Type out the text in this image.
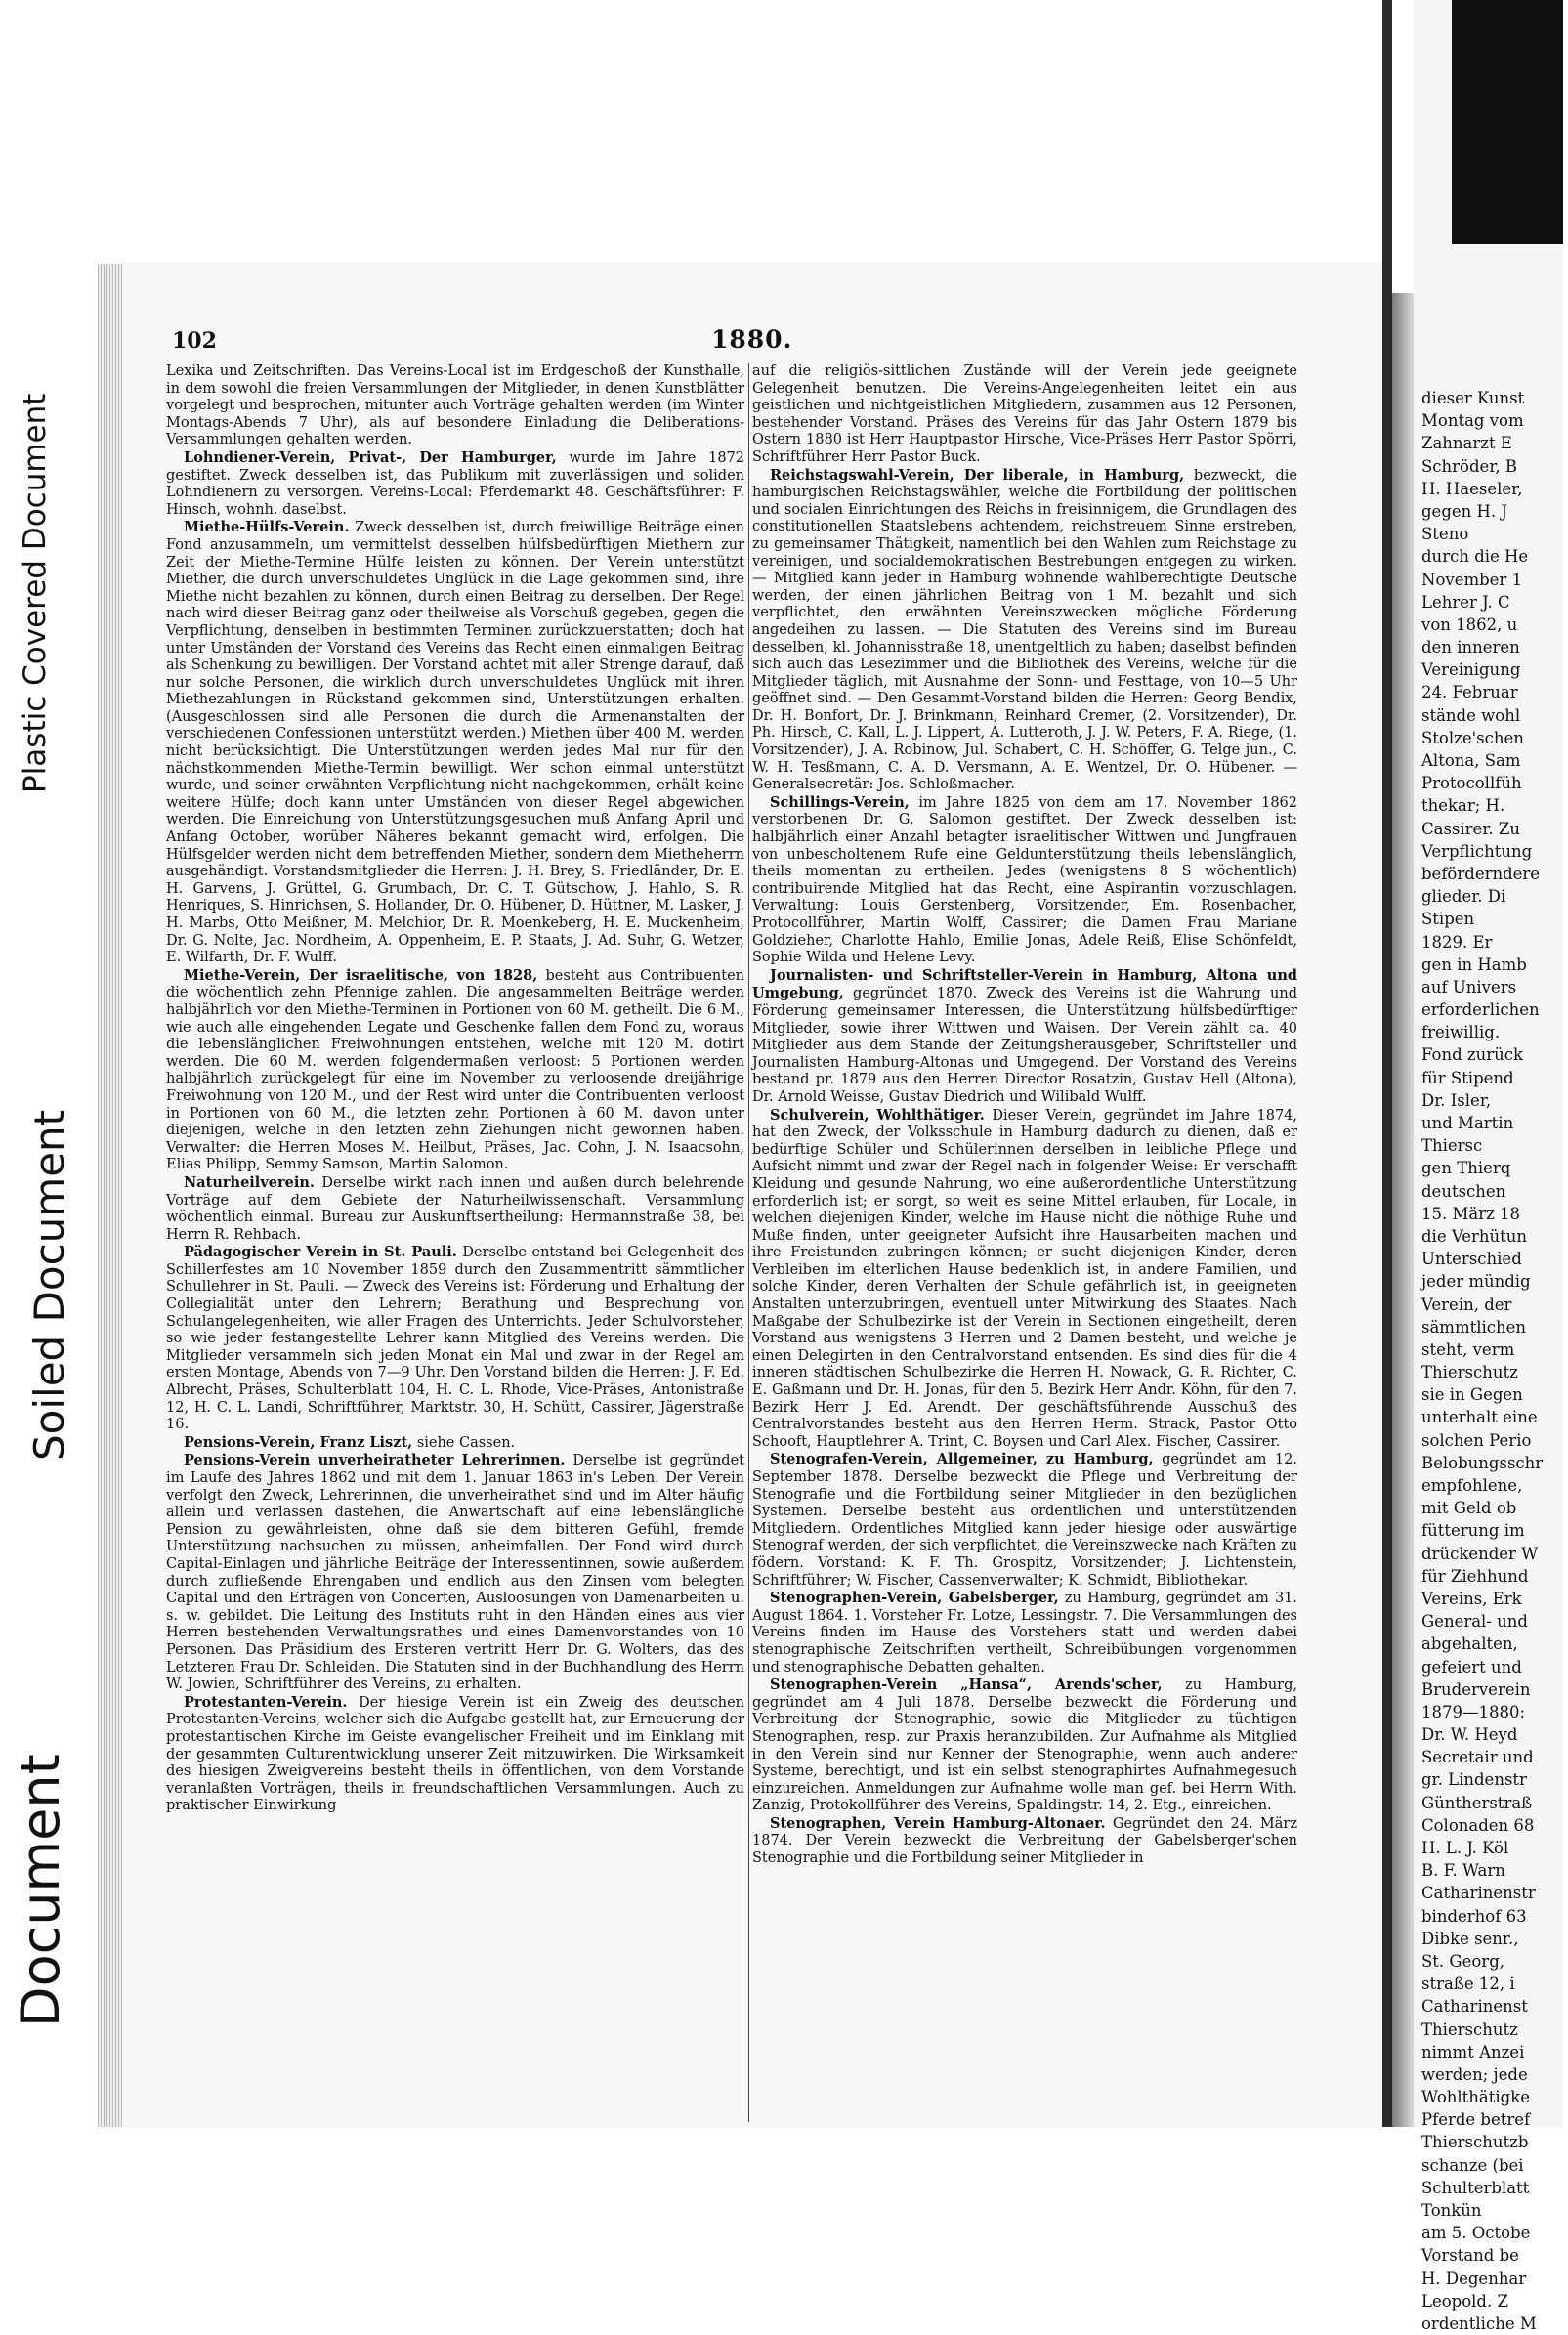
Plastic Covered Document
Soiled Document
Document
102	1880.

Lexika und Zeitschriften. Das Vereins-Local ist im Erdgeschoß der Kunsthalle, in dem sowohl die freien Versammlungen der Mitglieder, in denen Kunstblätter vorgelegt und besprochen, mitunter auch Vorträge gehalten werden (im Winter Montags-Abends 7 Uhr), als auf besondere Einladung die Deliberations-Versammlungen gehalten werden.

Lohndiener-Verein, Privat-, Der Hamburger, wurde im Jahre 1872 gestiftet. Zweck desselben ist, das Publikum mit zuverlässigen und soliden Lohndienern zu versorgen. Vereins-Local: Pferdemarkt 48. Geschäftsführer: F. Hinsch, wohnh. daselbst.

Miethe-Hülfs-Verein. Zweck desselben ist, durch freiwillige Beiträge einen Fond anzusammeln, um vermittelst desselben hülfsbedürftigen Miethern zur Zeit der Miethe-Termine Hülfe leisten zu können. Der Verein unterstützt Miether, die durch unverschuldetes Unglück in die Lage gekommen sind, ihre Miethe nicht bezahlen zu können, durch einen Beitrag zu derselben. Der Regel nach wird dieser Beitrag ganz oder theilweise als Vorschuß gegeben, gegen die Verpflichtung, denselben in bestimmten Terminen zurückzuerstatten; doch hat unter Umständen der Vorstand des Vereins das Recht einen einmaligen Beitrag als Schenkung zu bewilligen. Der Vorstand achtet mit aller Strenge darauf, daß nur solche Personen, die wirklich durch unverschuldetes Unglück mit ihren Miethezahlungen in Rückstand gekommen sind, Unterstützungen erhalten. (Ausgeschlossen sind alle Personen die durch die Armenanstalten der verschiedenen Confessionen unterstützt werden.) Miethen über 400 M. werden nicht berücksichtigt. Die Unterstützungen werden jedes Mal nur für den nächstkommenden Miethe-Termin bewilligt. Wer schon einmal unterstützt wurde, und seiner erwähnten Verpflichtung nicht nachgekommen, erhält keine weitere Hülfe; doch kann unter Umständen von dieser Regel abgewichen werden. Die Einreichung von Unterstützungsgesuchen muß Anfang April und Anfang October, worüber Näheres bekannt gemacht wird, erfolgen. Die Hülfsgelder werden nicht dem betreffenden Miether, sondern dem Mietheherrn ausgehändigt. Vorstandsmitglieder die Herren: J. H. Brey, S. Friedländer, Dr. E. H. Garvens, J. Grüttel, G. Grumbach, Dr. C. T. Gütschow, J. Hahlo, S. R. Henriques, S. Hinrichsen, S. Hollander, Dr. O. Hübener, D. Hüttner, M. Lasker, J. H. Marbs, Otto Meißner, M. Melchior, Dr. R. Moenkeberg, H. E. Muckenheim, Dr. G. Nolte, Jac. Nordheim, A. Oppenheim, E. P. Staats, J. Ad. Suhr, G. Wetzer, E. Wilfarth, Dr. F. Wulff.

Miethe-Verein, Der israelitische, von 1828, besteht aus Contribuenten die wöchentlich zehn Pfennige zahlen. Die angesammelten Beiträge werden halbjährlich vor den Miethe-Terminen in Portionen von 60 M. getheilt. Die 6 M., wie auch alle eingehenden Legate und Geschenke fallen dem Fond zu, woraus die lebenslänglichen Freiwohnungen entstehen, welche mit 120 M. dotirt werden. Die 60 M. werden folgendermaßen verloost: 5 Portionen werden halbjährlich zurückgelegt für eine im November zu verloosende dreijährige Freiwohnung von 120 M., und der Rest wird unter die Contribuenten verloost in Portionen von 60 M., die letzten zehn Portionen à 60 M. davon unter diejenigen, welche in den letzten zehn Ziehungen nicht gewonnen haben. Verwalter: die Herren Moses M. Heilbut, Präses, Jac. Cohn, J. N. Isaacsohn, Elias Philipp, Semmy Samson, Martin Salomon.

Naturheilverein. Derselbe wirkt nach innen und außen durch belehrende Vorträge auf dem Gebiete der Naturheilwissenschaft. Versammlung wöchentlich einmal. Bureau zur Auskunftsertheilung: Hermannstraße 38, bei Herrn R. Rehbach.

Pädagogischer Verein in St. Pauli. Derselbe entstand bei Gelegenheit des Schillerfestes am 10 November 1859 durch den Zusammentritt sämmtlicher Schullehrer in St. Pauli. — Zweck des Vereins ist: Förderung und Erhaltung der Collegialität unter den Lehrern; Berathung und Besprechung von Schulangelegenheiten, wie aller Fragen des Unterrichts. Jeder Schulvorsteher, so wie jeder festangestellte Lehrer kann Mitglied des Vereins werden. Die Mitglieder versammeln sich jeden Monat ein Mal und zwar in der Regel am ersten Montage, Abends von 7—9 Uhr. Den Vorstand bilden die Herren: J. F. Ed. Albrecht, Präses, Schulterblatt 104, H. C. L. Rhode, Vice-Präses, Antonistraße 12, H. C. L. Landi, Schriftführer, Marktstr. 30, H. Schütt, Cassirer, Jägerstraße 16.

Pensions-Verein, Franz Liszt, siehe Cassen.

Pensions-Verein unverheiratheter Lehrerinnen. Derselbe ist gegründet im Laufe des Jahres 1862 und mit dem 1. Januar 1863 in's Leben. Der Verein verfolgt den Zweck, Lehrerinnen, die unverheirathet sind und im Alter häufig allein und verlassen dastehen, die Anwartschaft auf eine lebenslängliche Pension zu gewährleisten, ohne daß sie dem bitteren Gefühl, fremde Unterstützung nachsuchen zu müssen, anheimfallen. Der Fond wird durch Capital-Einlagen und jährliche Beiträge der Interessentinnen, sowie außerdem durch zufließende Ehrengaben und endlich aus den Zinsen vom belegten Capital und den Erträgen von Concerten, Ausloosungen von Damenarbeiten u. s. w. gebildet. Die Leitung des Instituts ruht in den Händen eines aus vier Herren bestehenden Verwaltungsrathes und eines Damenvorstandes von 10 Personen. Das Präsidium des Ersteren vertritt Herr Dr. G. Wolters, das des Letzteren Frau Dr. Schleiden. Die Statuten sind in der Buchhandlung des Herrn W. Jowien, Schriftführer des Vereins, zu erhalten.

Protestanten-Verein. Der hiesige Verein ist ein Zweig des deutschen Protestanten-Vereins, welcher sich die Aufgabe gestellt hat, zur Erneuerung der protestantischen Kirche im Geiste evangelischer Freiheit und im Einklang mit der gesammten Culturentwicklung unserer Zeit mitzuwirken. Die Wirksamkeit des hiesigen Zweigvereins besteht theils in öffentlichen, von dem Vorstande veranlaßten Vorträgen, theils in freundschaftlichen Versammlungen. Auch zu praktischer Einwirkung

auf die religiös-sittlichen Zustände will der Verein jede geeignete Gelegenheit benutzen. Die Vereins-Angelegenheiten leitet ein aus geistlichen und nichtgeistlichen Mitgliedern, zusammen aus 12 Personen, bestehender Vorstand. Präses des Vereins für das Jahr Ostern 1879 bis Ostern 1880 ist Herr Hauptpastor Hirsche, Vice-Präses Herr Pastor Spörri, Schriftführer Herr Pastor Buck.

Reichstagswahl-Verein, Der liberale, in Hamburg, bezweckt, die hamburgischen Reichstagswähler, welche die Fortbildung der politischen und socialen Einrichtungen des Reichs in freisinnigem, die Grundlagen des constitutionellen Staatslebens achtendem, reichstreuem Sinne erstreben, zu gemeinsamer Thätigkeit, namentlich bei den Wahlen zum Reichstage zu vereinigen, und socialdemokratischen Bestrebungen entgegen zu wirken. — Mitglied kann jeder in Hamburg wohnende wahlberechtigte Deutsche werden, der einen jährlichen Beitrag von 1 M. bezahlt und sich verpflichtet, den erwähnten Vereinszwecken mögliche Förderung angedeihen zu lassen. — Die Statuten des Vereins sind im Bureau desselben, kl. Johannisstraße 18, unentgeltlich zu haben; daselbst befinden sich auch das Lesezimmer und die Bibliothek des Vereins, welche für die Mitglieder täglich, mit Ausnahme der Sonn- und Festtage, von 10—5 Uhr geöffnet sind. — Den Gesammt-Vorstand bilden die Herren: Georg Bendix, Dr. H. Bonfort, Dr. J. Brinkmann, Reinhard Cremer, (2. Vorsitzender), Dr. Ph. Hirsch, C. Kall, L. J. Lippert, A. Lutteroth, J. J. W. Peters, F. A. Riege, (1. Vorsitzender), J. A. Robinow, Jul. Schabert, C. H. Schöffer, G. Telge jun., C. W. H. Tesßmann, C. A. D. Versmann, A. E. Wentzel, Dr. O. Hübener. — Generalsecretär: Jos. Schloßmacher.

Schillings-Verein, im Jahre 1825 von dem am 17. November 1862 verstorbenen Dr. G. Salomon gestiftet. Der Zweck desselben ist: halbjährlich einer Anzahl betagter israelitischer Wittwen und Jungfrauen von unbescholtenem Rufe eine Geldunterstützung theils lebenslänglich, theils momentan zu ertheilen. Jedes (wenigstens 8 S wöchentlich) contribuirende Mitglied hat das Recht, eine Aspirantin vorzuschlagen. Verwaltung: Louis Gerstenberg, Vorsitzender, Em. Rosenbacher, Protocollführer, Martin Wolff, Cassirer; die Damen Frau Mariane Goldzieher, Charlotte Hahlo, Emilie Jonas, Adele Reiß, Elise Schönfeldt, Sophie Wilda und Helene Levy.

Journalisten- und Schriftsteller-Verein in Hamburg, Altona und Umgebung, gegründet 1870. Zweck des Vereins ist die Wahrung und Förderung gemeinsamer Interessen, die Unterstützung hülfsbedürftiger Mitglieder, sowie ihrer Wittwen und Waisen. Der Verein zählt ca. 40 Mitglieder aus dem Stande der Zeitungsherausgeber, Schriftsteller und Journalisten Hamburg-Altonas und Umgegend. Der Vorstand des Vereins bestand pr. 1879 aus den Herren Director Rosatzin, Gustav Hell (Altona), Dr. Arnold Weisse, Gustav Diedrich und Wilibald Wulff.

Schulverein, Wohlthätiger. Dieser Verein, gegründet im Jahre 1874, hat den Zweck, der Volksschule in Hamburg dadurch zu dienen, daß er bedürftige Schüler und Schülerinnen derselben in leibliche Pflege und Aufsicht nimmt und zwar der Regel nach in folgender Weise: Er verschafft Kleidung und gesunde Nahrung, wo eine außerordentliche Unterstützung erforderlich ist; er sorgt, so weit es seine Mittel erlauben, für Locale, in welchen diejenigen Kinder, welche im Hause nicht die nöthige Ruhe und Muße finden, unter geeigneter Aufsicht ihre Hausarbeiten machen und ihre Freistunden zubringen können; er sucht diejenigen Kinder, deren Verbleiben im elterlichen Hause bedenklich ist, in andere Familien, und solche Kinder, deren Verhalten der Schule gefährlich ist, in geeigneten Anstalten unterzubringen, eventuell unter Mitwirkung des Staates. Nach Maßgabe der Schulbezirke ist der Verein in Sectionen eingetheilt, deren Vorstand aus wenigstens 3 Herren und 2 Damen besteht, und welche je einen Delegirten in den Centralvorstand entsenden. Es sind dies für die 4 inneren städtischen Schulbezirke die Herren H. Nowack, G. R. Richter, C. E. Gaßmann und Dr. H. Jonas, für den 5. Bezirk Herr Andr. Köhn, für den 7. Bezirk Herr J. Ed. Arendt. Der geschäftsführende Ausschuß des Centralvorstandes besteht aus den Herren Herm. Strack, Pastor Otto Schooft, Hauptlehrer A. Trint, C. Boysen und Carl Alex. Fischer, Cassirer.

Stenografen-Verein, Allgemeiner, zu Hamburg, gegründet am 12. September 1878. Derselbe bezweckt die Pflege und Verbreitung der Stenografie und die Fortbildung seiner Mitglieder in den bezüglichen Systemen. Derselbe besteht aus ordentlichen und unterstützenden Mitgliedern. Ordentliches Mitglied kann jeder hiesige oder auswärtige Stenograf werden, der sich verpflichtet, die Vereinszwecke nach Kräften zu födern. Vorstand: K. F. Th. Grospitz, Vorsitzender; J. Lichtenstein, Schriftführer; W. Fischer, Cassenverwalter; K. Schmidt, Bibliothekar.

Stenographen-Verein, Gabelsberger, zu Hamburg, gegründet am 31. August 1864. 1. Vorsteher Fr. Lotze, Lessingstr. 7. Die Versammlungen des Vereins finden im Hause des Vorstehers statt und werden dabei stenographische Zeitschriften vertheilt, Schreibübungen vorgenommen und stenographische Debatten gehalten.

Stenographen-Verein „Hansa“, Arends'scher, zu Hamburg, gegründet am 4 Juli 1878. Derselbe bezweckt die Förderung und Verbreitung der Stenographie, sowie die Mitglieder zu tüchtigen Stenographen, resp. zur Praxis heranzubilden. Zur Aufnahme als Mitglied in den Verein sind nur Kenner der Stenographie, wenn auch anderer Systeme, berechtigt, und ist ein selbst stenographirtes Aufnahmegesuch einzureichen. Anmeldungen zur Aufnahme wolle man gef. bei Herrn With. Zanzig, Protokollführer des Vereins, Spaldingstr. 14, 2. Etg., einreichen.

Stenographen, Verein Hamburg-Altonaer. Gegründet den 24. März 1874. Der Verein bezweckt die Verbreitung der Gabelsberger'schen Stenographie und die Fortbildung seiner Mitglieder in

dieser Kunst
Montag vom
Zahnarzt E
Schröder, B
H. Haeseler,
gegen H. J
Steno
durch die He
November 1
Lehrer J. C
von 1862, u
den inneren
Vereinigung
24. Februar
stände wohl
Stolze'schen
Altona, Sam
Protocollfüh
thekar; H.
Cassirer. Zu
Verpflichtung
beförderndere
glieder. Di
Stipen
1829. Er
gen in Hamb
auf Univers
erforderlichen
freiwillig.
Fond zurück
für Stipend
Dr. Isler,
und Martin
Thiersc
gen Thierq
deutschen
15. März 18
die Verhütun
Unterschied
jeder mündig
Verein, der
sämmtlichen
steht, verm
Thierschutz
sie in Gegen
unterhalt eine
solchen Perio
Belobungsschr
empfohlene,
mit Geld ob
fütterung im
drückender W
für Ziehhund
Vereins, Erk
General- und
abgehalten,
gefeiert und
Bruderverein
1879—1880:
Dr. W. Heyd
Secretair und
gr. Lindenstr
Güntherstraß
Colonaden 68
H. L. J. Köl
B. F. Warn
Catharinenstr
binderhof 63
Dibke senr.,
St. Georg,
straße 12, i
Catharinenst
Thierschutz
nimmt Anzei
werden; jede
Wohlthätigke
Pferde betref
Thierschutzb
schanze (bei
Schulterblatt
Tonkün
am 5. Octobe
Vorstand be
H. Degenhar
Leopold. Z
ordentliche M
